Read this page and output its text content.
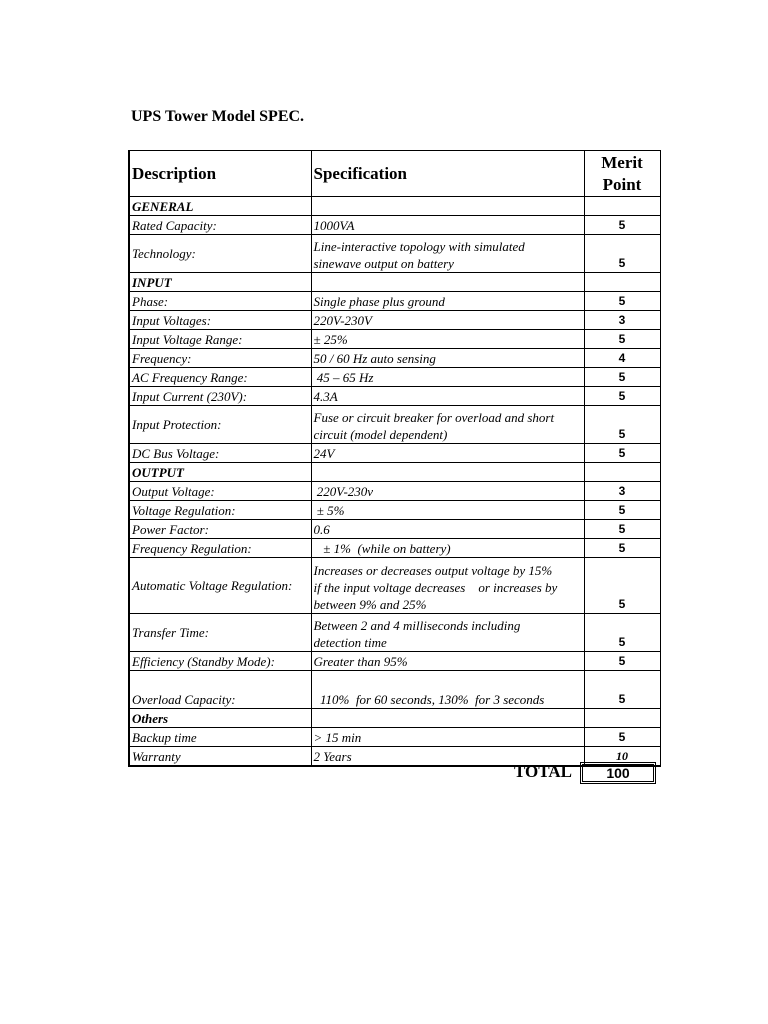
UPS Tower Model SPEC.
Description	Specification	Merit
Point
GENERAL		
Rated Capacity:	1000VA	5
Technology:	Line-interactive topology with simulated
sinewave output on battery	5
INPUT		
Phase:	Single phase plus ground	5
Input Voltages:	220V-230V	3
Input Voltage Range:	± 25%	5
Frequency:	50 / 60 Hz auto sensing	4
AC Frequency Range:	45 – 65 Hz	5
Input Current (230V):	4.3A	5
Input Protection:	Fuse or circuit breaker for overload and short
circuit (model dependent)	5
DC Bus Voltage:	24V	5
OUTPUT		
Output Voltage:	220V-230v	3
Voltage Regulation:	± 5%	5
Power Factor:	0.6	5
Frequency Regulation:	± 1%  (while on battery)	5
Automatic Voltage Regulation:	Increases or decreases output voltage by 15%
if the input voltage decreases    or increases by
between 9% and 25%	5
Transfer Time:	Between 2 and 4 milliseconds including
detection time	5
Efficiency (Standby Mode):	Greater than 95%	5
Overload Capacity:	110%  for 60 seconds, 130%  for 3 seconds	5
Others		
Backup time	> 15 min	5
Warranty	2 Years	10
TOTAL	100
